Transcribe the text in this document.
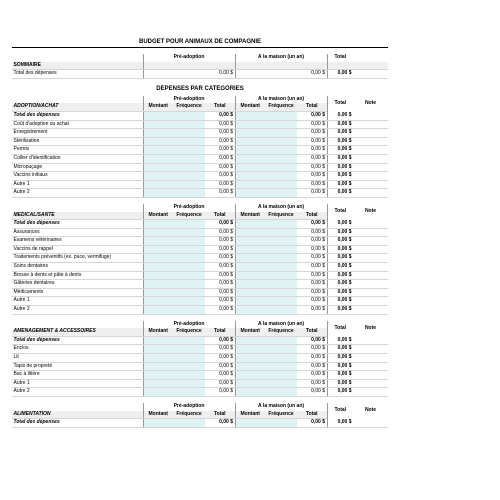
BUDGET POUR ANIMAUX DE COMPAGNIE								

	Pré-adoption			À la maison (un an)			Total	
SOMMAIRE								
Total des dépenses			0,00 $			0,00 $	0,00 $	

DÉPENSES PAR CATÉGORIES								
	Pré-adoption			À la maison (un an)			Total	Note
ADOPTION/ACHAT	Montant	Fréquence	Total	Montant	Fréquence	Total		
Total des dépenses			0,00 $			0,00 $	0,00 $	
Coût d'adoption ou achat			0,00 $			0,00 $	0,00 $	
Enregistrement			0,00 $			0,00 $	0,00 $	
Stérilisation			0,00 $			0,00 $	0,00 $	
Permis			0,00 $			0,00 $	0,00 $	
Collier d'identification			0,00 $			0,00 $	0,00 $	
Micropuçage			0,00 $			0,00 $	0,00 $	
Vaccins initiaux			0,00 $			0,00 $	0,00 $	
Autre 1			0,00 $			0,00 $	0,00 $	
Autre 2			0,00 $			0,00 $	0,00 $	

	Pré-adoption			À la maison (un an)			Total	Note
MÉDICAL/SANTÉ	Montant	Fréquence	Total	Montant	Fréquence	Total		
Total des dépenses			0,00 $			0,00 $	0,00 $	
Assurances			0,00 $			0,00 $	0,00 $	
Examens vétérinaires			0,00 $			0,00 $	0,00 $	
Vaccins de rappel			0,00 $			0,00 $	0,00 $	
Traitements préventifs (ex. puce, vermifuge)			0,00 $			0,00 $	0,00 $	
Soins dentaires			0,00 $			0,00 $	0,00 $	
Brosse à dents et pâte à dents			0,00 $			0,00 $	0,00 $	
Gâteries dentaires			0,00 $			0,00 $	0,00 $	
Médicaments			0,00 $			0,00 $	0,00 $	
Autre 1			0,00 $			0,00 $	0,00 $	
Autre 2			0,00 $			0,00 $	0,00 $	

	Pré-adoption			À la maison (un an)			Total	Note
AMÉNAGEMENT & ACCESSOIRES	Montant	Fréquence	Total	Montant	Fréquence	Total		
Total des dépenses			0,00 $			0,00 $	0,00 $	
Enclos			0,00 $			0,00 $	0,00 $	
Lit			0,00 $			0,00 $	0,00 $	
Tapis de propreté			0,00 $			0,00 $	0,00 $	
Bac à litière			0,00 $			0,00 $	0,00 $	
Autre 1			0,00 $			0,00 $	0,00 $	
Autre 2			0,00 $			0,00 $	0,00 $	

	Pré-adoption			À la maison (un an)			Total	Note
ALIMENTATION	Montant	Fréquence	Total	Montant	Fréquence	Total		
Total des dépenses			0,00 $			0,00 $	0,00 $	
